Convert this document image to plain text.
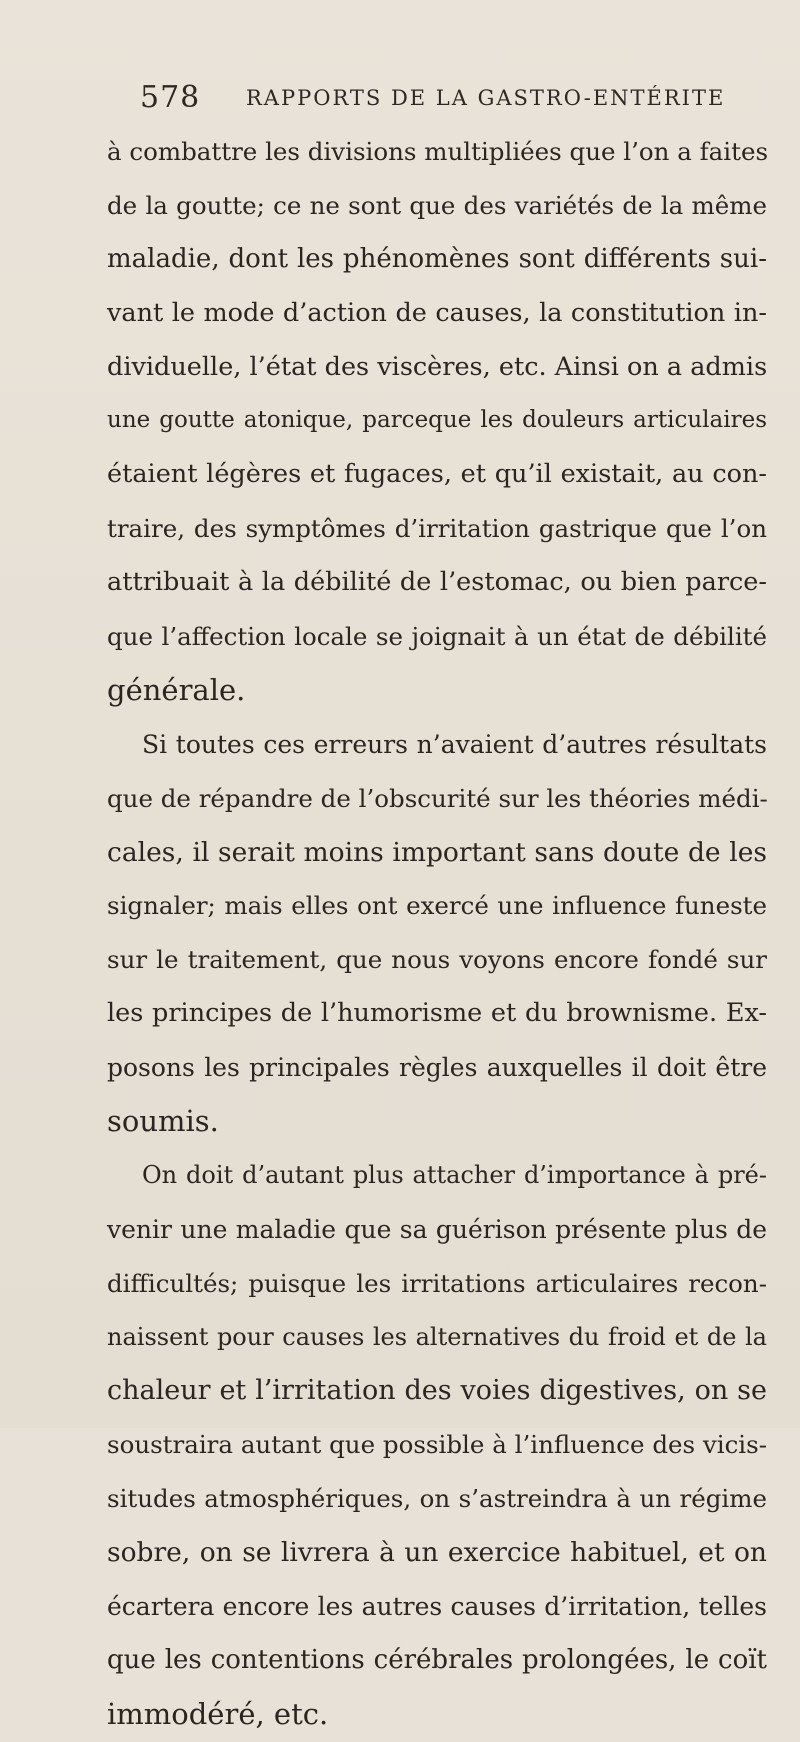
578 RAPPORTS DE LA GASTRO-ENTÉRITE
à combattre les divisions multipliées que l’on a faites
de la goutte; ce ne sont que des variétés de la même
maladie, dont les phénomènes sont différents sui-
vant le mode d’action de causes, la constitution in-
dividuelle, l’état des viscères, etc. Ainsi on a admis
une goutte atonique, parceque les douleurs articulaires
étaient légères et fugaces, et qu’il existait, au con-
traire, des symptômes d’irritation gastrique que l’on
attribuait à la débilité de l’estomac, ou bien parce-
que l’affection locale se joignait à un état de débilité
générale.
Si toutes ces erreurs n’avaient d’autres résultats
que de répandre de l’obscurité sur les théories médi-
cales, il serait moins important sans doute de les
signaler; mais elles ont exercé une influence funeste
sur le traitement, que nous voyons encore fondé sur
les principes de l’humorisme et du brownisme. Ex-
posons les principales règles auxquelles il doit être
soumis.
On doit d’autant plus attacher d’importance à pré-
venir une maladie que sa guérison présente plus de
difficultés; puisque les irritations articulaires recon-
naissent pour causes les alternatives du froid et de la
chaleur et l’irritation des voies digestives, on se
soustraira autant que possible à l’influence des vicis-
situdes atmosphériques, on s’astreindra à un régime
sobre, on se livrera à un exercice habituel, et on
écartera encore les autres causes d’irritation, telles
que les contentions cérébrales prolongées, le coït
immodéré, etc.
